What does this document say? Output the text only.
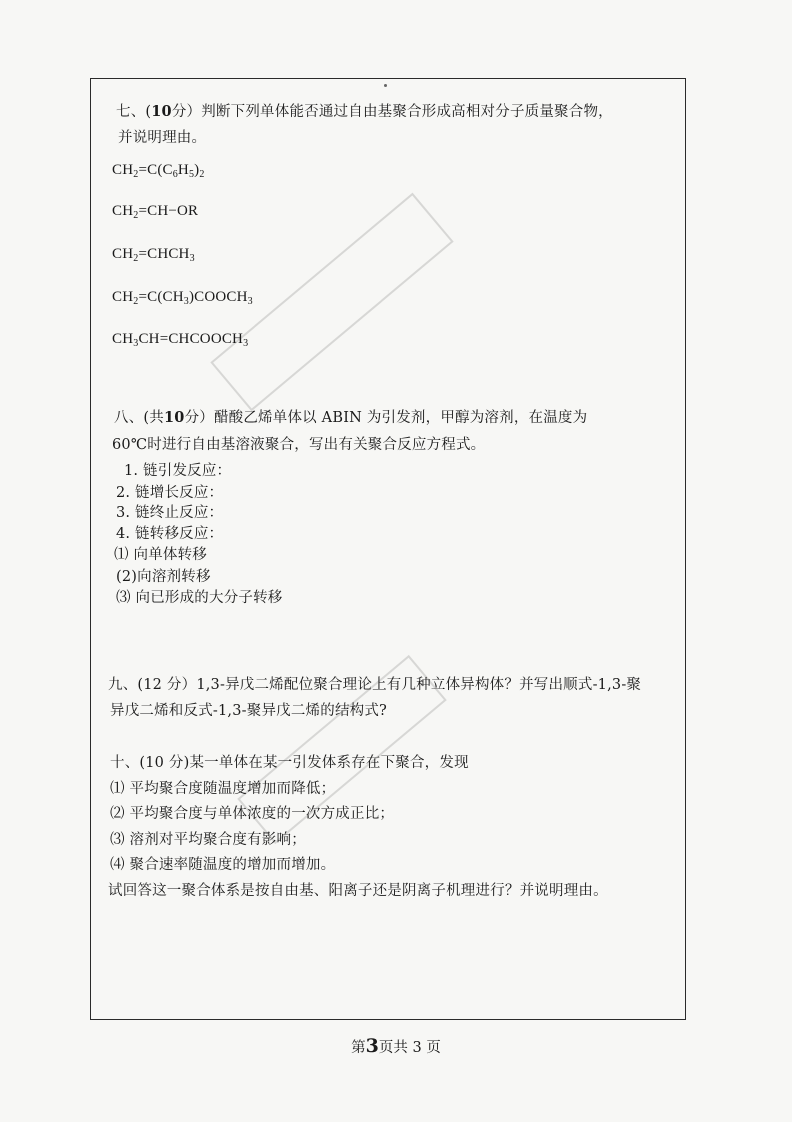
七、(10分）判断下列单体能否通过自由基聚合形成高相对分子质量聚合物，
并说明理由。
$CH_2=C(C_6H_5)_2$
$CH_2=CH-OR$
$CH_2=CHCH_3$
$CH_2=C(CH_3)COOCH_3$
$CH_3CH=CHCOOCH_3$
八、(共10分）醋酸乙烯单体以 ABIN 为引发剂，甲醇为溶剂，在温度为
60℃时进行自由基溶液聚合，写出有关聚合反应方程式。
1. 链引发反应：
2. 链增长反应：
3. 链终止反应：
4. 链转移反应：
⑴ 向单体转移
(2)向溶剂转移
⑶ 向已形成的大分子转移
九、(12 分）1,3-异戊二烯配位聚合理论上有几种立体异构体？并写出顺式-1,3-聚
异戊二烯和反式-1,3-聚异戊二烯的结构式?
十、(10 分)某一单体在某一引发体系存在下聚合，发现
⑴ 平均聚合度随温度增加而降低；
⑵ 平均聚合度与单体浓度的一次方成正比；
⑶ 溶剂对平均聚合度有影响；
⑷ 聚合速率随温度的增加而增加。
试回答这一聚合体系是按自由基、阳离子还是阴离子机理进行？并说明理由。
第3页共 3 页
